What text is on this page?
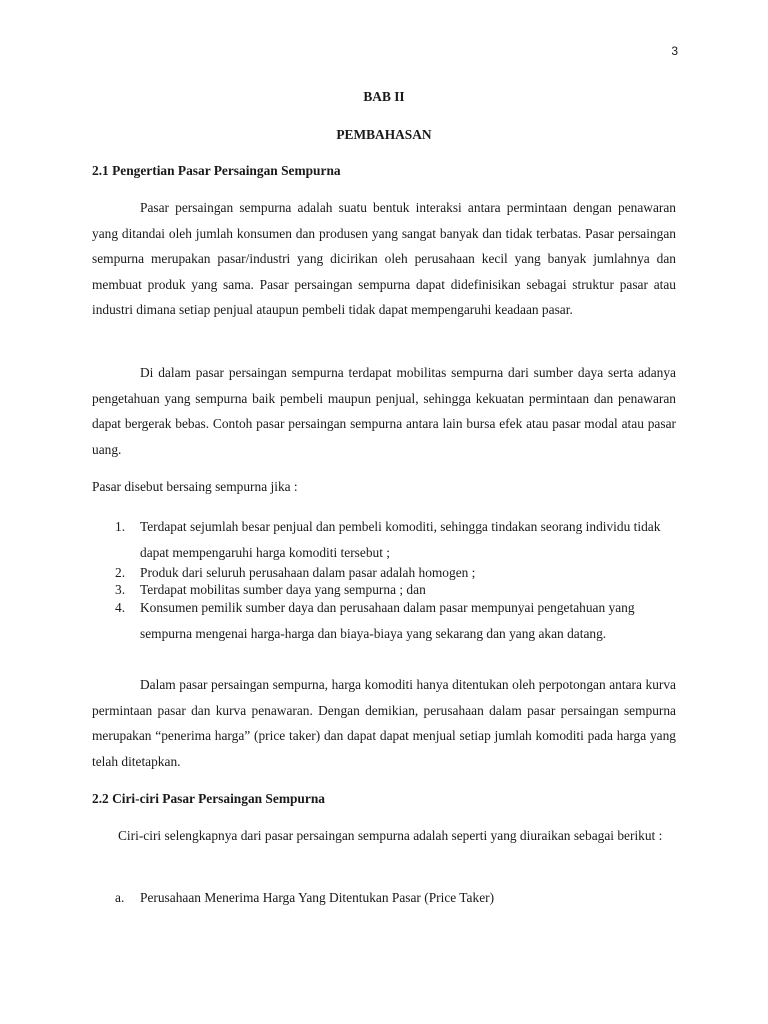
3
BAB II
PEMBAHASAN
2.1 Pengertian Pasar Persaingan Sempurna
Pasar persaingan sempurna adalah suatu bentuk interaksi antara permintaan dengan penawaran yang ditandai oleh jumlah konsumen dan produsen yang sangat banyak dan tidak terbatas. Pasar persaingan sempurna merupakan pasar/industri yang dicirikan oleh perusahaan kecil yang banyak jumlahnya dan membuat produk yang sama. Pasar persaingan sempurna dapat didefinisikan sebagai struktur pasar atau industri dimana setiap penjual ataupun pembeli tidak dapat mempengaruhi keadaan pasar.
Di dalam pasar persaingan sempurna terdapat mobilitas sempurna dari sumber daya serta adanya pengetahuan yang sempurna baik pembeli maupun penjual, sehingga kekuatan permintaan dan penawaran dapat bergerak bebas. Contoh pasar persaingan sempurna antara lain bursa efek atau pasar modal atau pasar uang.
Pasar disebut bersaing sempurna jika :
1. Terdapat sejumlah besar penjual dan pembeli komoditi, sehingga tindakan seorang individu tidak dapat mempengaruhi harga komoditi tersebut ;
2. Produk dari seluruh perusahaan dalam pasar adalah homogen ;
3. Terdapat mobilitas sumber daya yang sempurna ; dan
4. Konsumen pemilik sumber daya dan perusahaan dalam pasar mempunyai pengetahuan yang sempurna mengenai harga-harga dan biaya-biaya yang sekarang dan yang akan datang.
Dalam pasar persaingan sempurna, harga komoditi hanya ditentukan oleh perpotongan antara kurva permintaan pasar dan kurva penawaran. Dengan demikian, perusahaan dalam pasar persaingan sempurna merupakan “penerima harga” (price taker) dan dapat dapat menjual setiap jumlah komoditi pada harga yang telah ditetapkan.
2.2 Ciri-ciri Pasar Persaingan Sempurna
Ciri-ciri selengkapnya dari pasar persaingan sempurna adalah seperti yang diuraikan sebagai berikut :
a. Perusahaan Menerima Harga Yang Ditentukan Pasar (Price Taker)
